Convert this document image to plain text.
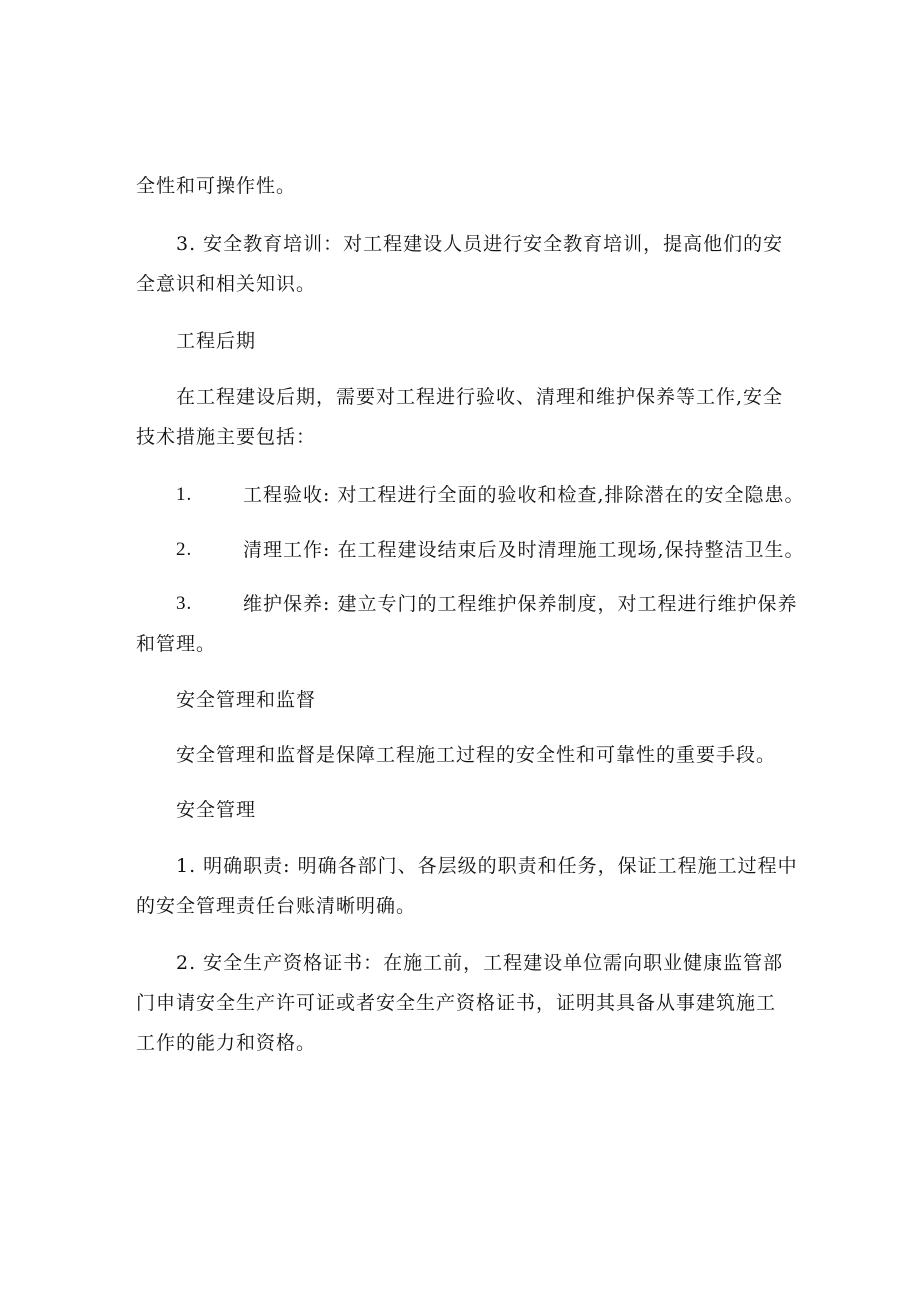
全性和可操作性。
3. 安全教育培训：对工程建设人员进行安全教育培训，提高他们的安
全意识和相关知识。
工程后期
在工程建设后期，需要对工程进行验收、清理和维护保养等工作,安全
技术措施主要包括：
1.	工程验收: 对工程进行全面的验收和检查,排除潜在的安全隐患。
2.	清理工作: 在工程建设结束后及时清理施工现场,保持整洁卫生。
3.	维护保养: 建立专门的工程维护保养制度，对工程进行维护保养
和管理。
安全管理和监督
安全管理和监督是保障工程施工过程的安全性和可靠性的重要手段。
安全管理
1. 明确职责: 明确各部门、各层级的职责和任务，保证工程施工过程中
的安全管理责任台账清晰明确。
2. 安全生产资格证书：在施工前，工程建设单位需向职业健康监管部
门申请安全生产许可证或者安全生产资格证书，证明其具备从事建筑施工
工作的能力和资格。
